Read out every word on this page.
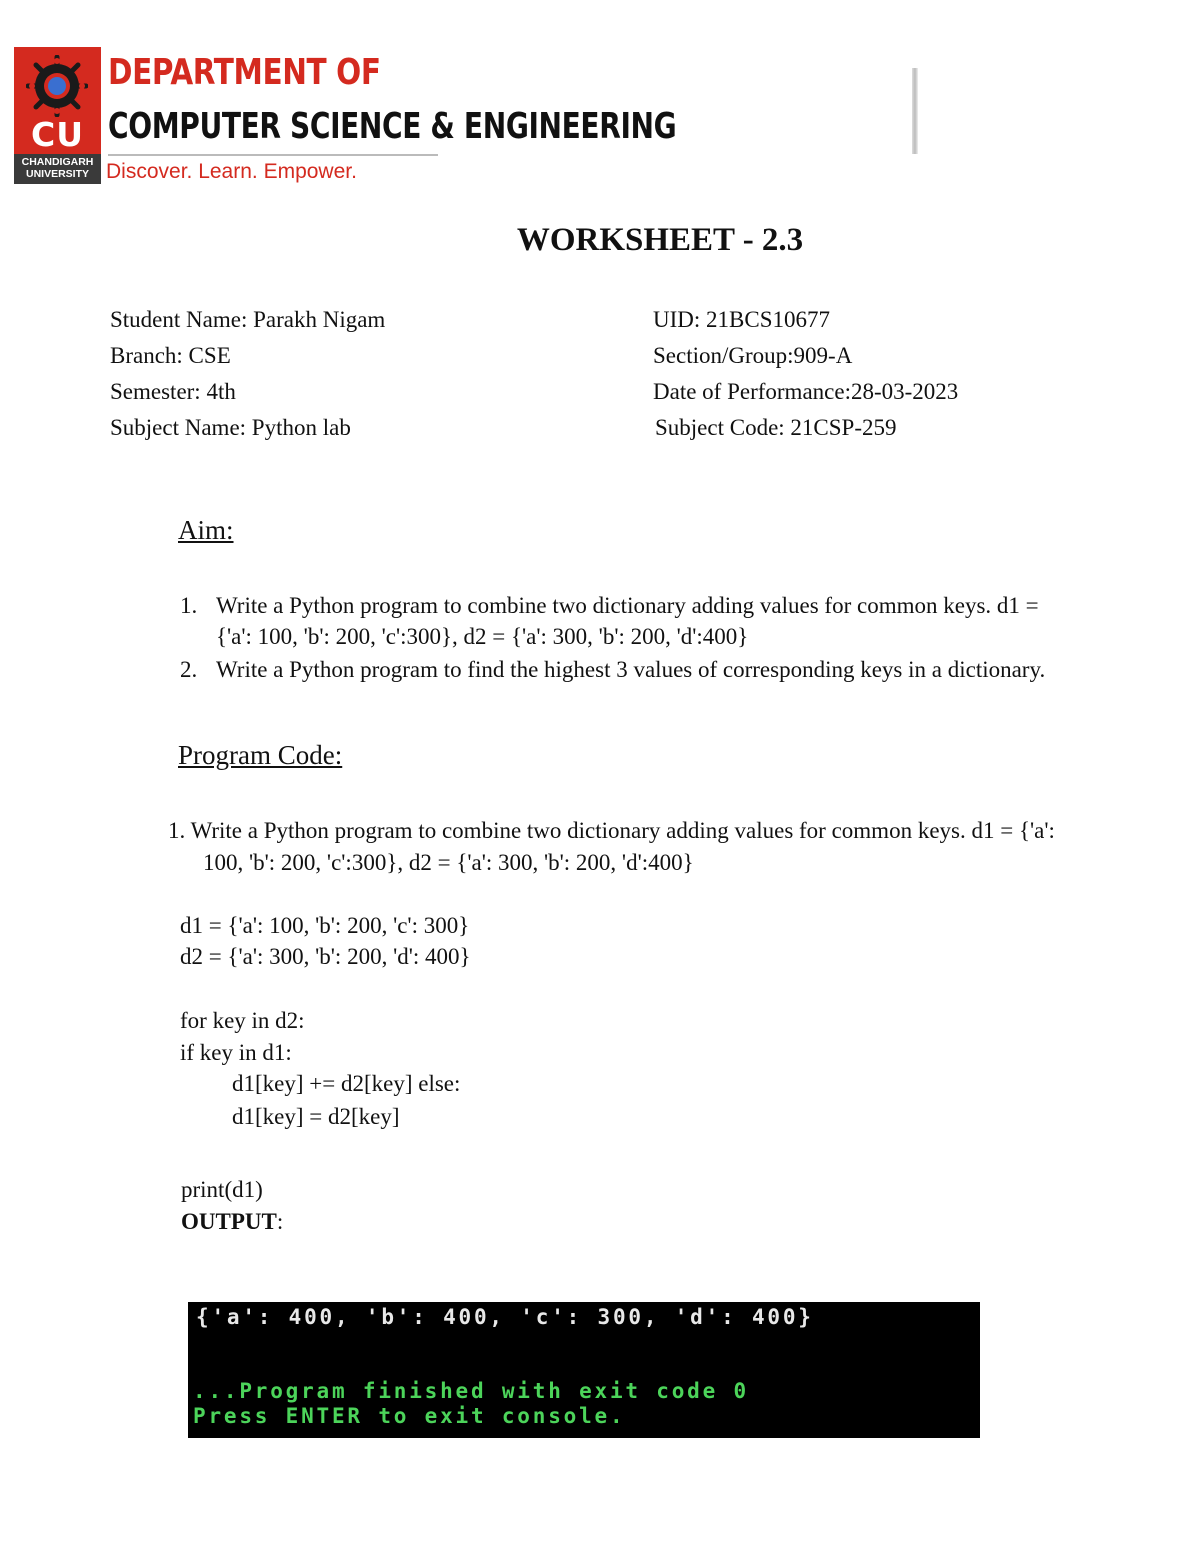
CU
CHANDIGARH UNIVERSITY
DEPARTMENT OF
COMPUTER SCIENCE & ENGINEERING
Discover. Learn. Empower.
WORKSHEET - 2.3
Student Name: Parakh Nigam	UID: 21BCS10677
Branch: CSE	Section/Group:909-A
Semester: 4th	Date of Performance:28-03-2023
Subject Name: Python lab	Subject Code: 21CSP-259
Aim:
1. Write a Python program to combine two dictionary adding values for common keys. d1 =
{'a': 100, 'b': 200, 'c':300}, d2 = {'a': 300, 'b': 200, 'd':400}
2. Write a Python program to find the highest 3 values of corresponding keys in a dictionary.
Program Code:
1. Write a Python program to combine two dictionary adding values for common keys. d1 = {'a':
100, 'b': 200, 'c':300}, d2 = {'a': 300, 'b': 200, 'd':400}
d1 = {'a': 100, 'b': 200, 'c': 300}
d2 = {'a': 300, 'b': 200, 'd': 400}
for key in d2:
if key in d1:
d1[key] += d2[key] else:
d1[key] = d2[key]
print(d1)
OUTPUT:
{'a': 400, 'b': 400, 'c': 300, 'd': 400}
...Program finished with exit code 0
Press ENTER to exit console.
